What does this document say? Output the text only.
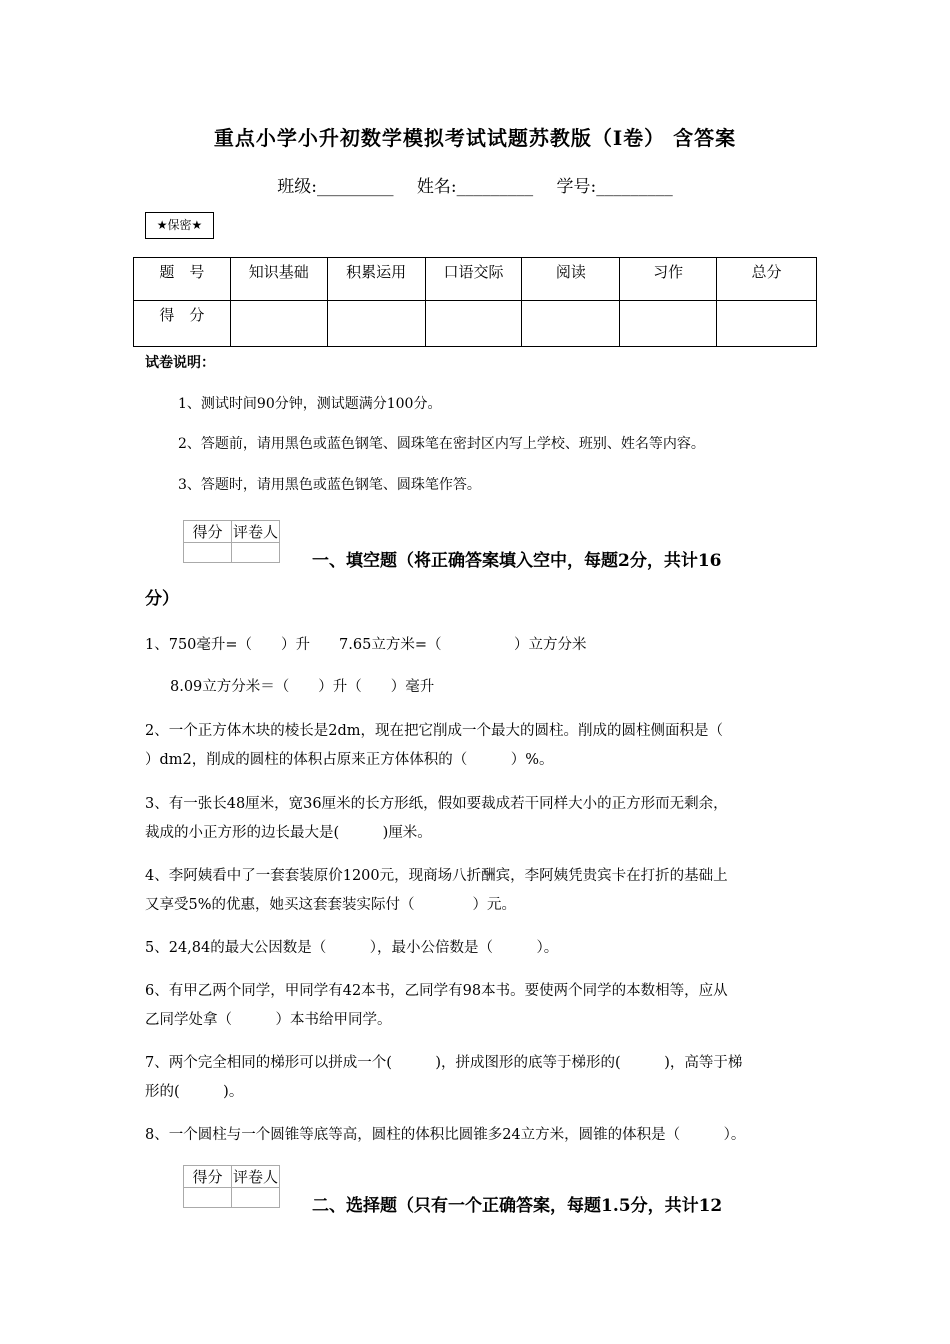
重点小学小升初数学模拟考试试题苏教版（I卷） 含答案
班级:_________ 姓名:_________ 学号:_________
★保密★
题　号	知识基础	积累运用	口语交际	阅读	习作	总分
得　分						
试卷说明：
1、测试时间90分钟，测试题满分100分。
2、答题前，请用黑色或蓝色钢笔、圆珠笔在密封区内写上学校、班别、姓名等内容。
3、答题时，请用黑色或蓝色钢笔、圆珠笔作答。
得分	评卷人

一、填空题（将正确答案填入空中，每题2分，共计16
分）
1、750毫升=（　　）升　　7.65立方米=（　　　　　）立方分米
8.09立方分米＝（　　）升（　　）毫升
2、一个正方体木块的棱长是2dm，现在把它削成一个最大的圆柱。削成的圆柱侧面积是（
）dm2，削成的圆柱的体积占原来正方体体积的（　　　）%。
3、有一张长48厘米，宽36厘米的长方形纸，假如要裁成若干同样大小的正方形而无剩余，
裁成的小正方形的边长最大是(　　　)厘米。
4、李阿姨看中了一套套装原价1200元，现商场八折酬宾，李阿姨凭贵宾卡在打折的基础上
又享受5%的优惠，她买这套套装实际付（　　　　）元。
5、24,84的最大公因数是（　　　），最小公倍数是（　　　）。
6、有甲乙两个同学，甲同学有42本书，乙同学有98本书。要使两个同学的本数相等，应从
乙同学处拿（　　　）本书给甲同学。
7、两个完全相同的梯形可以拼成一个(　　　)，拼成图形的底等于梯形的(　　　)，高等于梯
形的(　　　)。
8、一个圆柱与一个圆锥等底等高，圆柱的体积比圆锥多24立方米，圆锥的体积是（　　　）。
得分	评卷人

二、选择题（只有一个正确答案，每题1.5分，共计12
